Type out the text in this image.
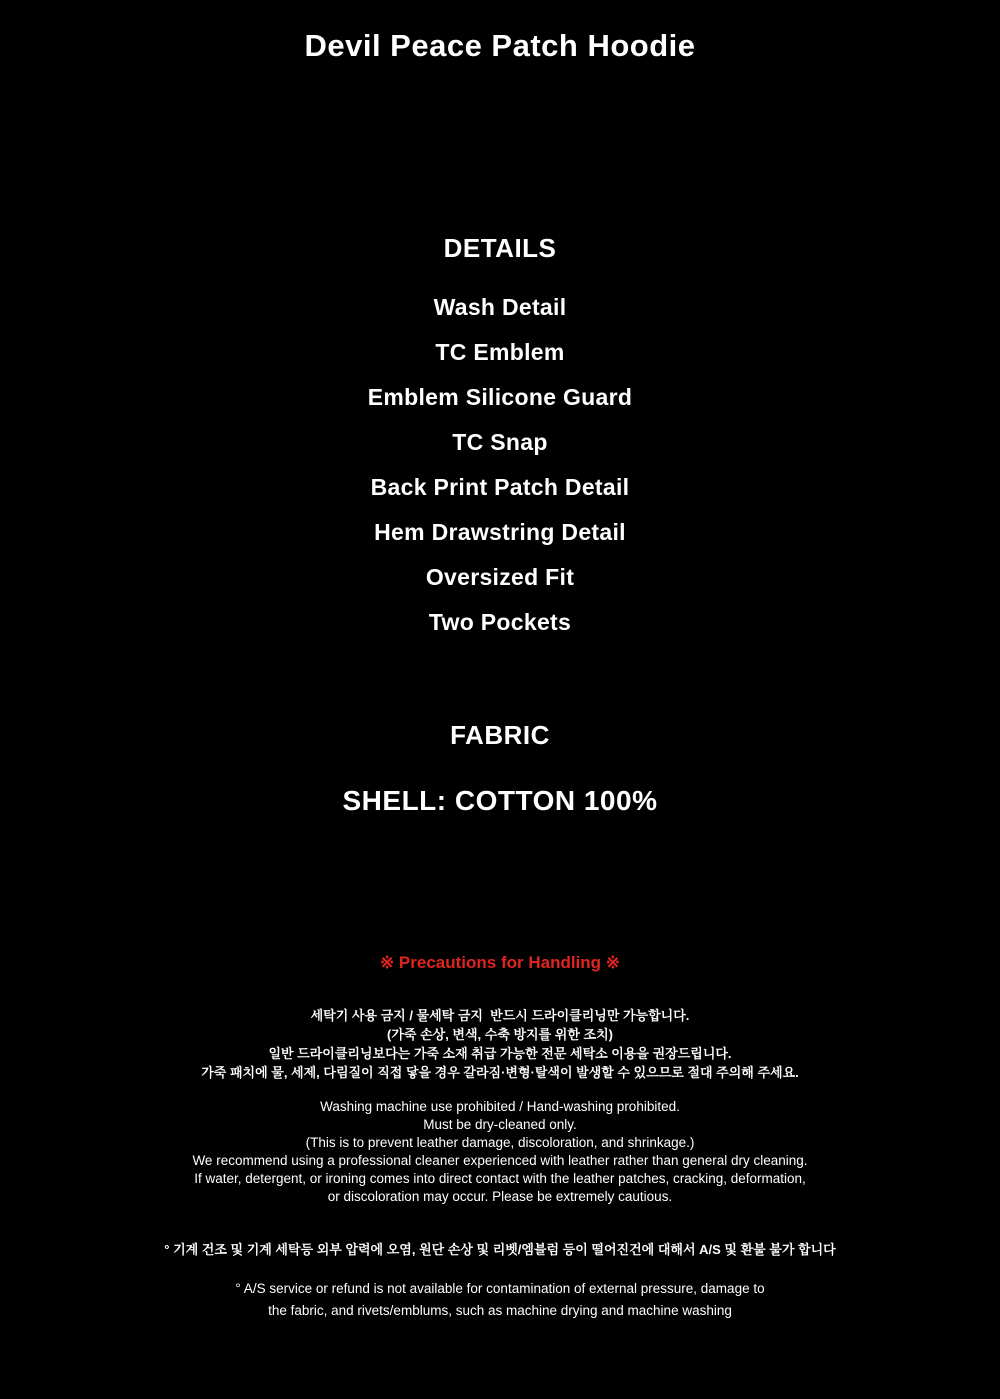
Devil Peace Patch Hoodie
DETAILS
Wash Detail
TC Emblem
Emblem Silicone Guard
TC Snap
Back Print Patch Detail
Hem Drawstring Detail
Oversized Fit
Two Pockets
FABRIC
SHELL: COTTON 100%
※ Precautions for Handling ※
세탁기 사용 금지 / 물세탁 금지  반드시 드라이클리닝만 가능합니다.
(가죽 손상, 변색, 수축 방지를 위한 조치)
일반 드라이클리닝보다는 가죽 소재 취급 가능한 전문 세탁소 이용을 권장드립니다.
가죽 패치에 물, 세제, 다림질이 직접 닿을 경우 갈라짐·변형·탈색이 발생할 수 있으므로 절대 주의해 주세요.
Washing machine use prohibited / Hand-washing prohibited.
Must be dry-cleaned only.
(This is to prevent leather damage, discoloration, and shrinkage.)
We recommend using a professional cleaner experienced with leather rather than general dry cleaning.
If water, detergent, or ironing comes into direct contact with the leather patches, cracking, deformation,
or discoloration may occur. Please be extremely cautious.
° 기계 건조 및 기계 세탁등 외부 압력에 오염, 원단 손상 및 리벳/엠블럼 등이 떨어진건에 대해서 A/S 및 환불 불가 합니다
° A/S service or refund is not available for contamination of external pressure, damage to
the fabric, and rivets/emblums, such as machine drying and machine washing
